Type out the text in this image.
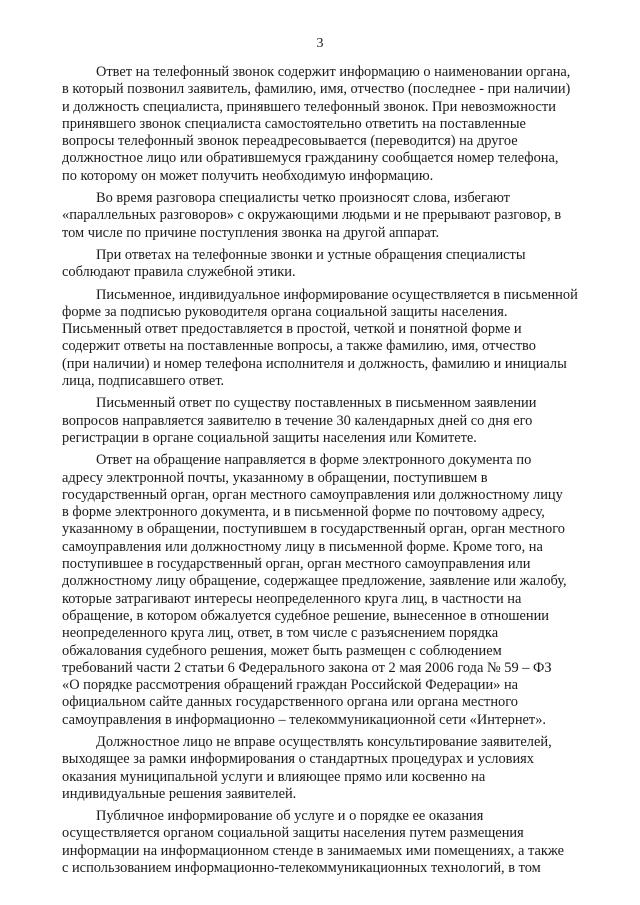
3

Ответ на телефонный звонок содержит информацию о наименовании органа,
в который позвонил заявитель, фамилию, имя, отчество (последнее - при наличии)
и должность специалиста, принявшего телефонный звонок. При невозможности
принявшего звонок специалиста самостоятельно ответить на поставленные
вопросы телефонный звонок переадресовывается (переводится) на другое
должностное лицо или обратившемуся гражданину сообщается номер телефона,
по которому он может получить необходимую информацию.

Во время разговора специалисты четко произносят слова, избегают
«параллельных разговоров» с окружающими людьми и не прерывают разговор, в
том числе по причине поступления звонка на другой аппарат.

При ответах на телефонные звонки и устные обращения специалисты
соблюдают правила служебной этики.

Письменное, индивидуальное информирование осуществляется в письменной
форме за подписью руководителя органа социальной защиты населения.
Письменный ответ предоставляется в простой, четкой и понятной форме и
содержит ответы на поставленные вопросы, а также фамилию, имя, отчество
(при наличии) и номер телефона исполнителя и должность, фамилию и инициалы
лица, подписавшего ответ.

Письменный ответ по существу поставленных в письменном заявлении
вопросов направляется заявителю в течение 30 календарных дней со дня его
регистрации в органе социальной защиты населения или Комитете.

Ответ на обращение направляется в форме электронного документа по
адресу электронной почты, указанному в обращении, поступившем в
государственный орган, орган местного самоуправления или должностному лицу
в форме электронного документа, и в письменной форме по почтовому адресу,
указанному в обращении, поступившем в государственный орган, орган местного
самоуправления или должностному лицу в письменной форме. Кроме того, на
поступившее в государственный орган, орган местного самоуправления или
должностному лицу обращение, содержащее предложение, заявление или жалобу,
которые затрагивают интересы неопределенного круга лиц, в частности на
обращение, в котором обжалуется судебное решение, вынесенное в отношении
неопределенного круга лиц, ответ, в том числе с разъяснением порядка
обжалования судебного решения, может быть размещен с соблюдением
требований части 2 статьи 6 Федерального закона от 2 мая 2006 года № 59 – ФЗ
«О порядке рассмотрения обращений граждан Российской Федерации» на
официальном сайте данных государственного органа или органа местного
самоуправления в информационно – телекоммуникационной сети «Интернет».

Должностное лицо не вправе осуществлять консультирование заявителей,
выходящее за рамки информирования о стандартных процедурах и условиях
оказания муниципальной услуги и влияющее прямо или косвенно на
индивидуальные решения заявителей.

Публичное информирование об услуге и о порядке ее оказания
осуществляется органом социальной защиты населения путем размещения
информации на информационном стенде в занимаемых ими помещениях, а также
с использованием информационно-телекоммуникационных технологий, в том
